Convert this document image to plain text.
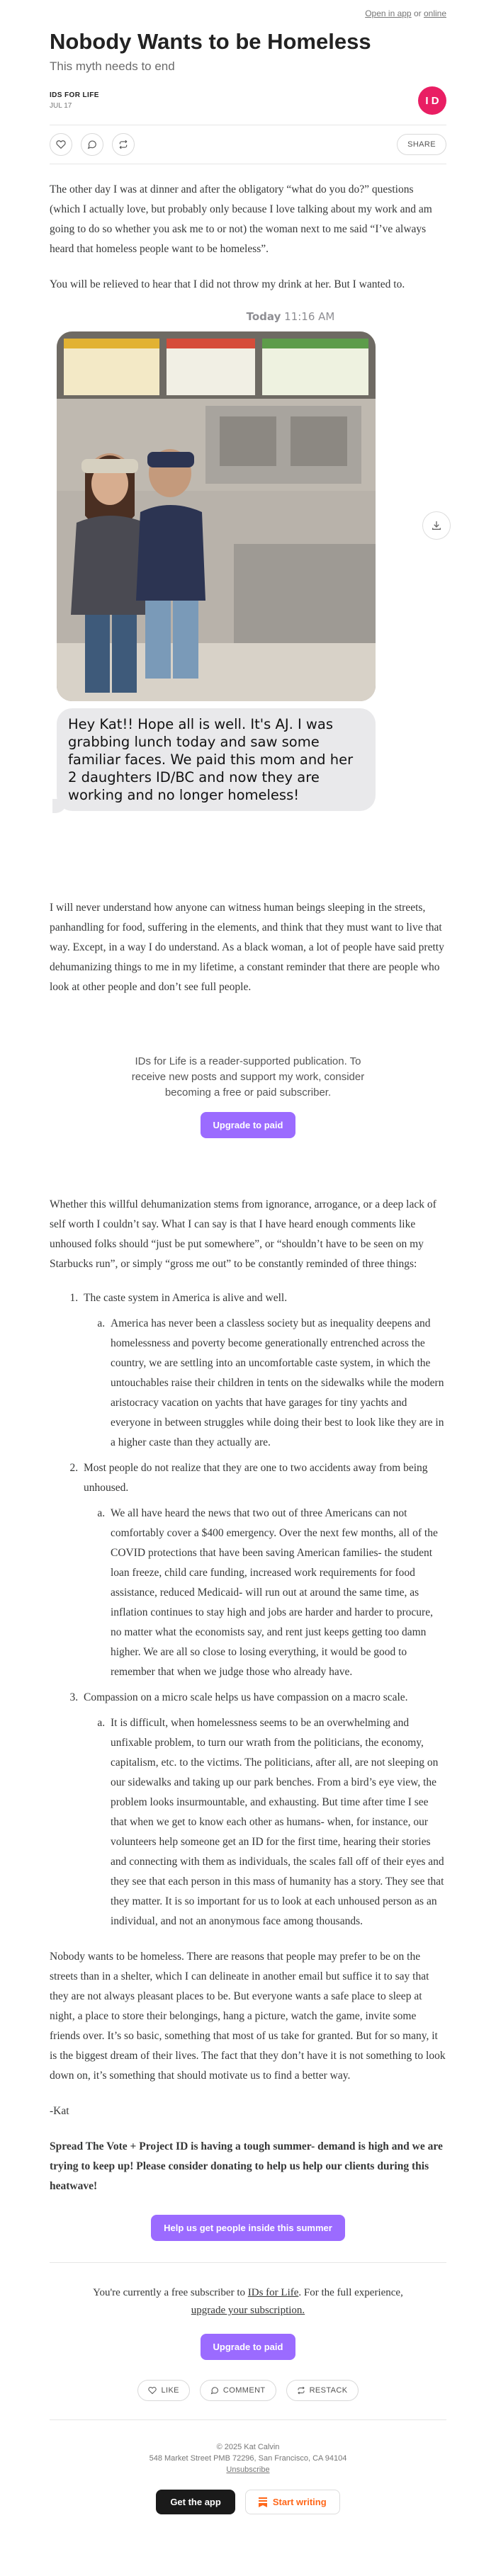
Open in app or online
Nobody Wants to be Homeless
This myth needs to end
IDS FOR LIFE
JUL 17	I D
SHARE

The other day I was at dinner and after the obligatory “what do you do?” questions (which I actually love, but probably only because I love talking about my work and am going to do so whether you ask me to or not) the woman next to me said “I’ve always heard that homeless people want to be homeless”.

You will be relieved to hear that I did not throw my drink at her. But I wanted to.

Today 11:16 AM
Hey Kat!! Hope all is well. It's AJ. I was grabbing lunch today and saw some familiar faces. We paid this mom and her 2 daughters ID/BC and now they are working and no longer homeless!

I will never understand how anyone can witness human beings sleeping in the streets, panhandling for food, suffering in the elements, and think that they must want to live that way. Except, in a way I do understand. As a black woman, a lot of people have said pretty dehumanizing things to me in my lifetime, a constant reminder that there are people who look at other people and don’t see full people.

IDs for Life is a reader-supported publication. To receive new posts and support my work, consider becoming a free or paid subscriber.
Upgrade to paid

Whether this willful dehumanization stems from ignorance, arrogance, or a deep lack of self worth I couldn’t say. What I can say is that I have heard enough comments like unhoused folks should “just be put somewhere”, or “shouldn’t have to be seen on my Starbucks run”, or simply “gross me out” to be constantly reminded of three things:

1. The caste system in America is alive and well.
a. America has never been a classless society but as inequality deepens and homelessness and poverty become generationally entrenched across the country, we are settling into an uncomfortable caste system, in which the untouchables raise their children in tents on the sidewalks while the modern aristocracy vacation on yachts that have garages for tiny yachts and everyone in between struggles while doing their best to look like they are in a higher caste than they actually are.
2. Most people do not realize that they are one to two accidents away from being unhoused.
a. We all have heard the news that two out of three Americans can not comfortably cover a $400 emergency. Over the next few months, all of the COVID protections that have been saving American families- the student loan freeze, child care funding, increased work requirements for food assistance, reduced Medicaid- will run out at around the same time, as inflation continues to stay high and jobs are harder and harder to procure, no matter what the economists say, and rent just keeps getting too damn higher. We are all so close to losing everything, it would be good to remember that when we judge those who already have.
3. Compassion on a micro scale helps us have compassion on a macro scale.
a. It is difficult, when homelessness seems to be an overwhelming and unfixable problem, to turn our wrath from the politicians, the economy, capitalism, etc. to the victims. The politicians, after all, are not sleeping on our sidewalks and taking up our park benches. From a bird’s eye view, the problem looks insurmountable, and exhausting. But time after time I see that when we get to know each other as humans- when, for instance, our volunteers help someone get an ID for the first time, hearing their stories and connecting with them as individuals, the scales fall off of their eyes and they see that each person in this mass of humanity has a story. They see that they matter. It is so important for us to look at each unhoused person as an individual, and not an anonymous face among thousands.

Nobody wants to be homeless. There are reasons that people may prefer to be on the streets than in a shelter, which I can delineate in another email but suffice it to say that they are not always pleasant places to be. But everyone wants a safe place to sleep at night, a place to store their belongings, hang a picture, watch the game, invite some friends over. It’s so basic, something that most of us take for granted. But for so many, it is the biggest dream of their lives. The fact that they don’t have it is not something to look down on, it’s something that should motivate us to find a better way.

-Kat

Spread The Vote + Project ID is having a tough summer- demand is high and we are trying to keep up! Please consider donating to help us help our clients during this heatwave!

Help us get people inside this summer
You're currently a free subscriber to IDs for Life. For the full experience,
upgrade your subscription.
Upgrade to paid
LIKE	COMMENT	RESTACK
© 2025 Kat Calvin
548 Market Street PMB 72296, San Francisco, CA 94104
Unsubscribe
Get the app	Start writing
